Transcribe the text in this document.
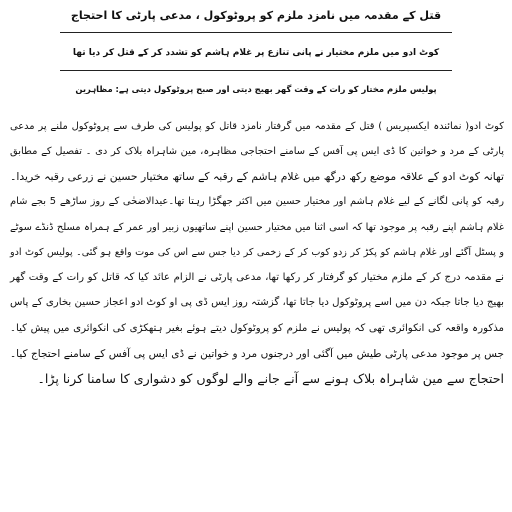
قتل کے مقدمہ میں نامزد ملزم کو پروٹوکول ، مدعی پارٹی کا احتجاج
کوٹ ادو میں ملزم مختیار نے پانی تنازع پر غلام ہاشم کو تشدد کر کے قتل کر دیا تھا
پولیس ملزم مختار کو رات کے وقت گھر بھیج دیتی اور صبح پروٹوکول دیتی ہے: مظاہرین
کوٹ ادو( نمائندہ ایکسپریس ) قتل کے مقدمہ میں گرفتار نامزد قاتل کو پولیس کی طرف سے پروٹوکول ملنے پر مدعی
پارٹی کے مرد و خواتین کا ڈی ایس پی آفس کے سامنے احتجاجی مظاہرہ، مین شاہراہ بلاک کر دی ۔ تفصیل کے مطابق
تھانہ کوٹ ادو کے علاقہ موضع رکھ درگھ میں غلام ہاشم کے رقبہ کے ساتھ مختیار حسین نے زرعی رقبہ خریدا۔
رقبہ کو پانی لگانے کے لیے غلام ہاشم اور مختیار حسین میں اکثر جھگڑا رہتا تھا۔عیدالاضحٰی کے روز ساڑھے 5 بجے شام
غلام ہاشم اپنے رقبہ پر موجود تھا کہ اسی اثنا میں مختیار حسین اپنے ساتھیوں زبیر اور عمر کے ہمراہ مسلح ڈنڈے سوٹے
و پسٹل آگئے اور غلام ہاشم کو پکڑ کر زدو کوب کر کے زخمی کر دیا جس سے اس کی موت واقع ہو گئی۔ پولیس کوٹ ادو
نے مقدمہ درج کر کے ملزم مختیار کو گرفتار کر رکھا تھا، مدعی پارٹی نے الزام عائد کیا کہ قاتل کو رات کے وقت گھر
بھیج دیا جاتا جبکہ دن میں اسے پروٹوکول دیا جاتا تھا، گزشتہ روز ایس ڈی پی او کوٹ ادو اعجاز حسین بخاری کے پاس
مذکورہ واقعہ کی انکوائری تھی کہ پولیس نے ملزم کو پروٹوکول دیتے ہوئے بغیر ہتھکڑی کی انکوائری میں پیش کیا۔
جس پر موجود مدعی پارٹی طیش میں آگئی اور درجنوں مرد و خواتین نے ڈی ایس پی آفس کے سامنے احتجاج کیا۔
احتجاج سے مین شاہراہ بلاک ہونے سے آنے جانے والے لوگوں کو دشواری کا سامنا کرنا پڑا۔
